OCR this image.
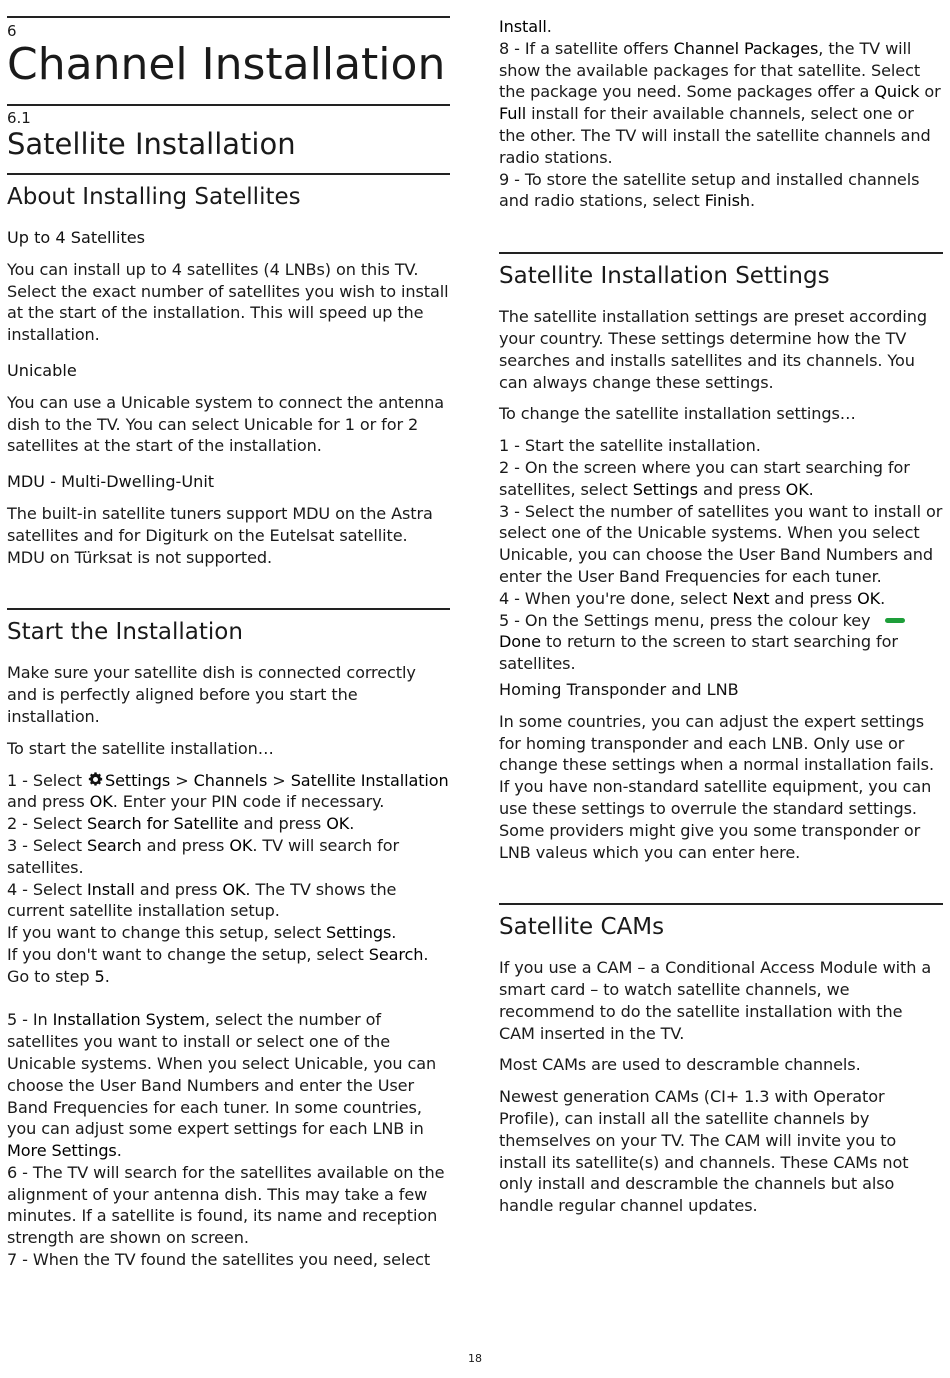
6

Channel Installation

6.1

Satellite Installation
About Installing Satellites

Up to 4 Satellites

You can install up to 4 satellites (4 LNBs) on this TV. Select the exact number of satellites you wish to install at the start of the installation. This will speed up the installation.

Unicable

You can use a Unicable system to connect the antenna dish to the TV. You can select Unicable for 1 or for 2 satellites at the start of the installation.

MDU - Multi-Dwelling-Unit

The built-in satellite tuners support MDU on the Astra satellites and for Digiturk on the Eutelsat satellite. MDU on Türksat is not supported.

Start the Installation

Make sure your satellite dish is connected correctly and is perfectly aligned before you start the installation.

To start the satellite installation…

1 - Select Settings > Channels > Satellite Installation and press OK. Enter your PIN code if necessary.

2 - Select Search for Satellite and press OK.

3 - Select Search and press OK. TV will search for satellites.

4 - Select Install and press OK. The TV shows the current satellite installation setup.

If you want to change this setup, select Settings.

If you don't want to change the setup, select Search. Go to step 5.

5 - In Installation System, select the number of satellites you want to install or select one of the Unicable systems. When you select Unicable, you can choose the User Band Numbers and enter the User Band Frequencies for each tuner. In some countries, you can adjust some expert settings for each LNB in More Settings.

6 - The TV will search for the satellites available on the alignment of your antenna dish. This may take a few minutes. If a satellite is found, its name and reception strength are shown on screen.

7 - When the TV found the satellites you need, select

Install.

8 - If a satellite offers Channel Packages, the TV will show the available packages for that satellite. Select the package you need. Some packages offer a Quick or Full install for their available channels, select one or the other. The TV will install the satellite channels and radio stations.

9 - To store the satellite setup and installed channels and radio stations, select Finish.

Satellite Installation Settings

The satellite installation settings are preset according your country. These settings determine how the TV searches and installs satellites and its channels. You can always change these settings.

To change the satellite installation settings…

1 - Start the satellite installation.

2 - On the screen where you can start searching for satellites, select Settings and press OK.

3 - Select the number of satellites you want to install or select one of the Unicable systems. When you select Unicable, you can choose the User Band Numbers and enter the User Band Frequencies for each tuner.

4 - When you're done, select Next and press OK.

5 - On the Settings menu, press the colour key Done to return to the screen to start searching for satellites.

Homing Transponder and LNB

In some countries, you can adjust the expert settings for homing transponder and each LNB. Only use or change these settings when a normal installation fails. If you have non-standard satellite equipment, you can use these settings to overrule the standard settings. Some providers might give you some transponder or LNB valeus which you can enter here.

Satellite CAMs

If you use a CAM – a Conditional Access Module with a smart card – to watch satellite channels, we recommend to do the satellite installation with the CAM inserted in the TV.

Most CAMs are used to descramble channels.

Newest generation CAMs (CI+ 1.3 with Operator Profile), can install all the satellite channels by themselves on your TV. The CAM will invite you to install its satellite(s) and channels. These CAMs not only install and descramble the channels but also handle regular channel updates.

18
